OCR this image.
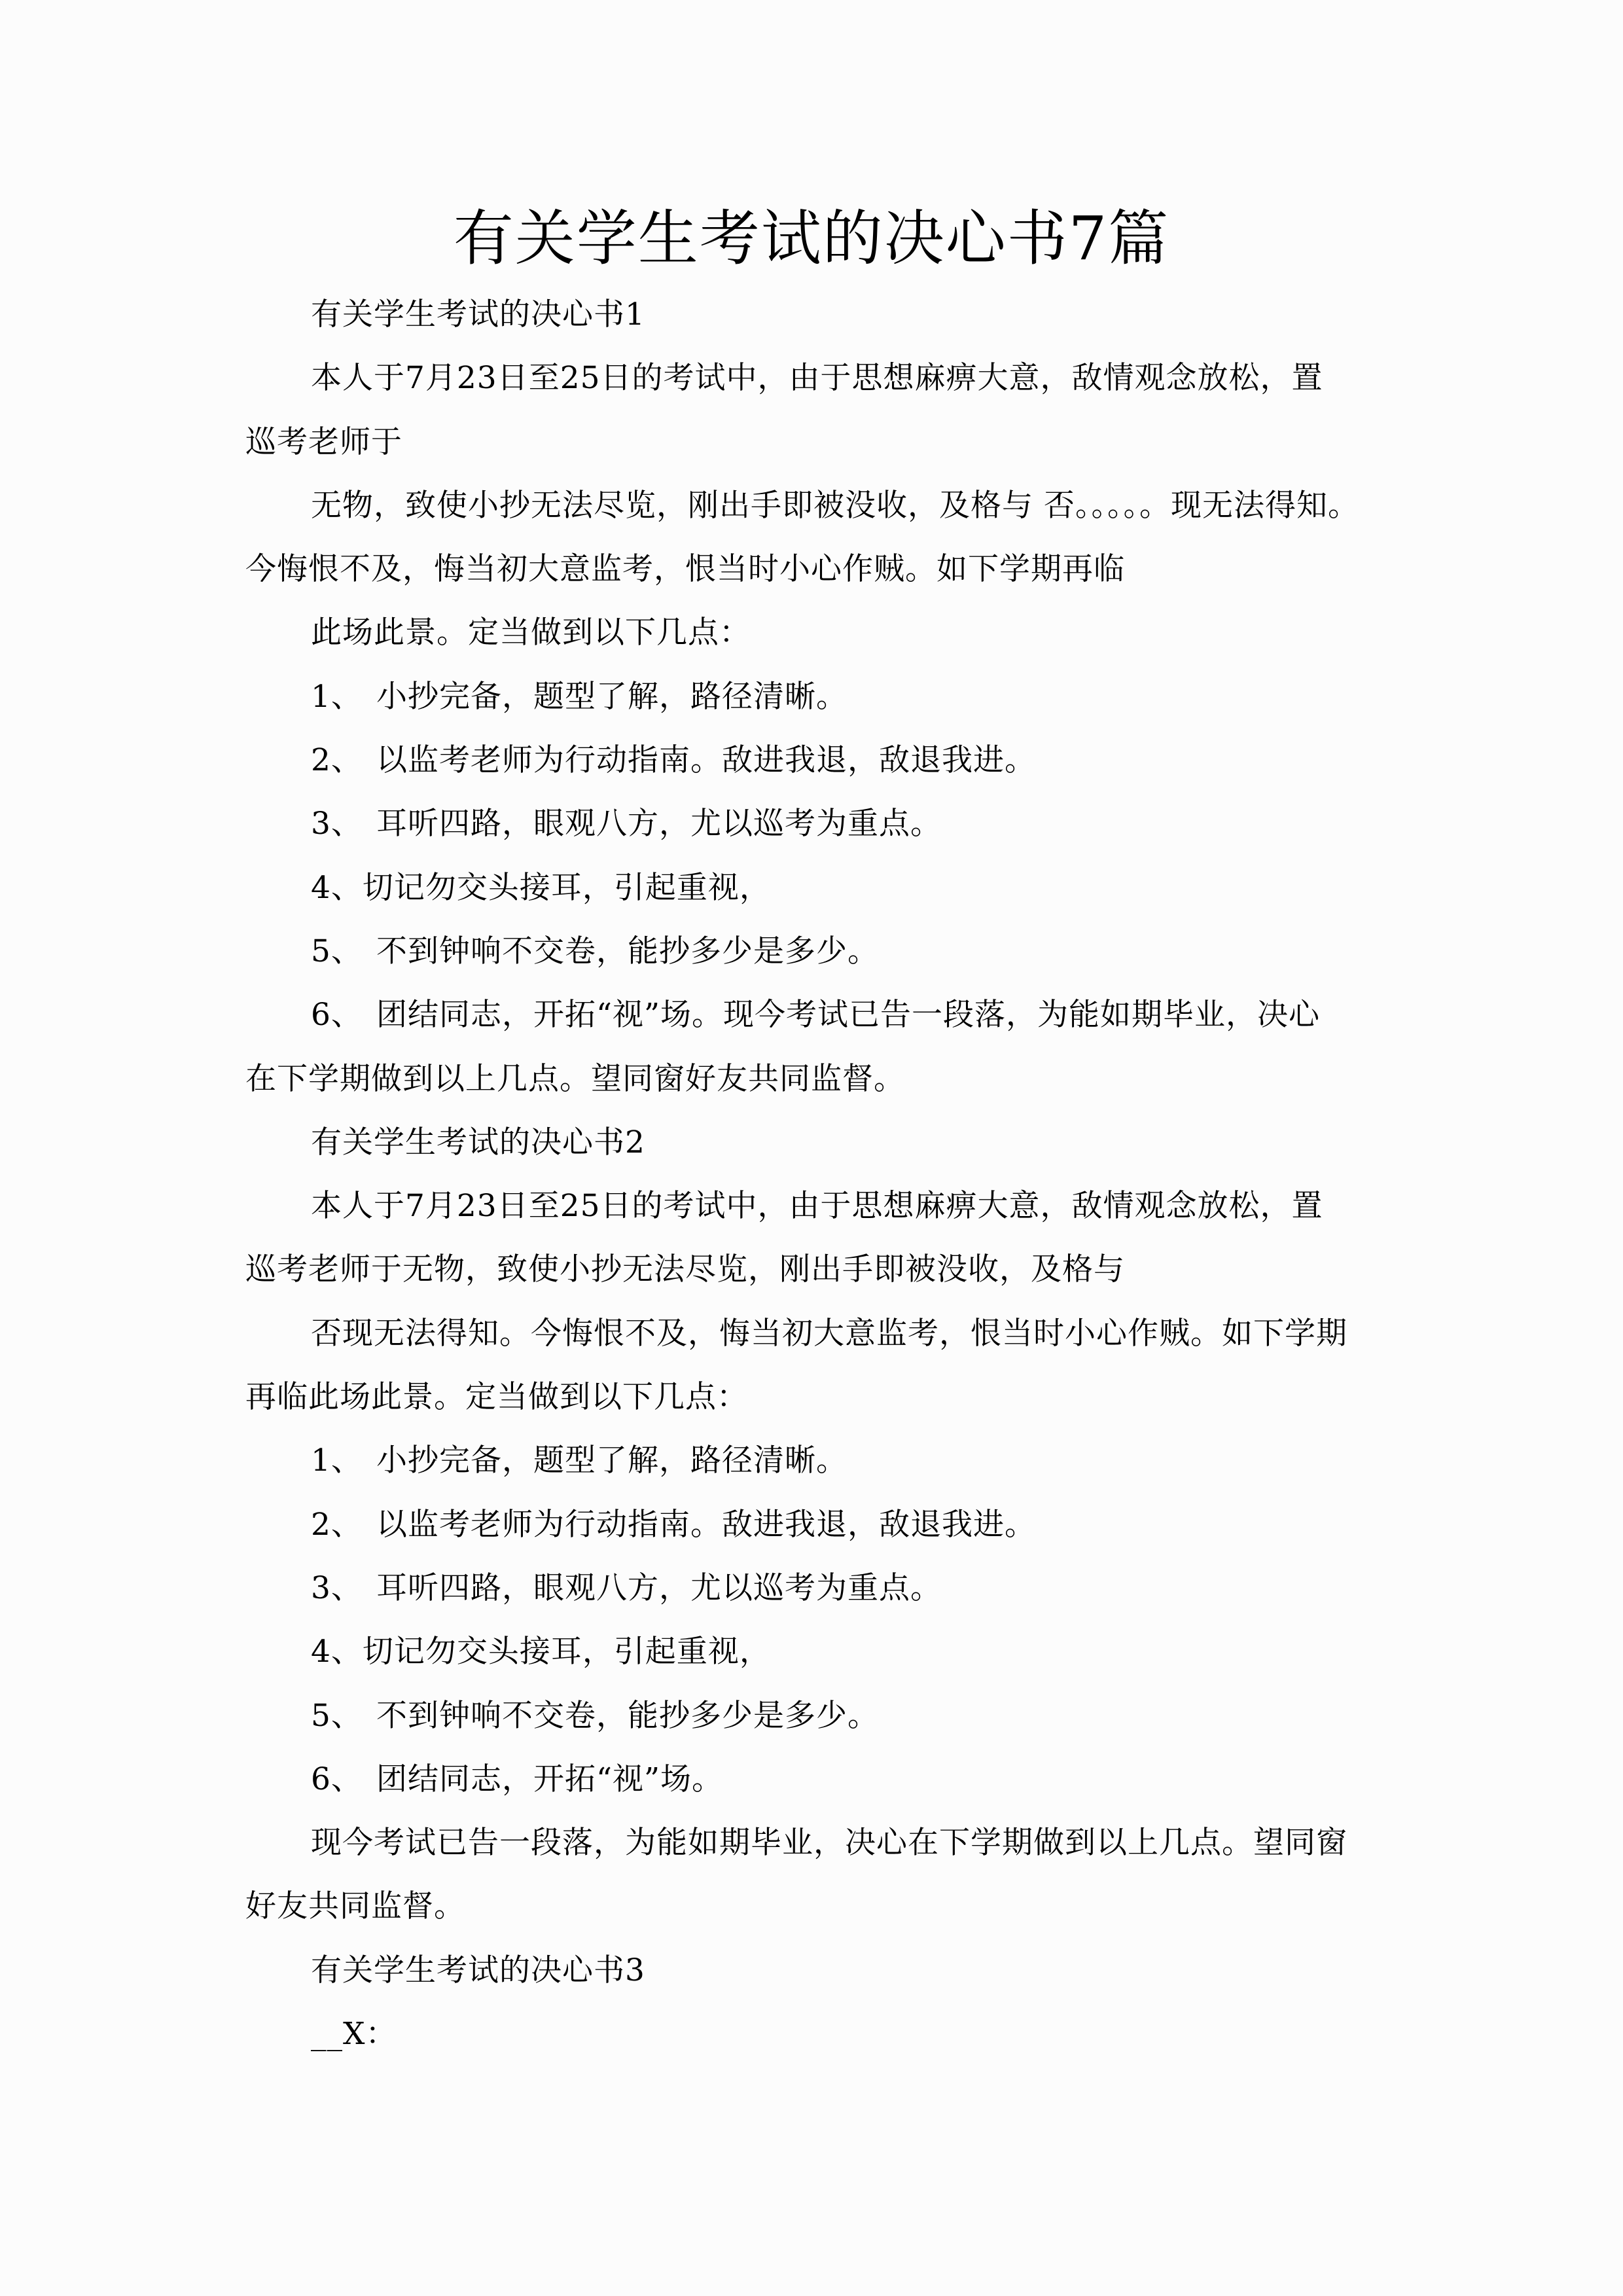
有关学生考试的决心书7篇

有关学生考试的决心书1

本人于7月23日至25日的考试中，由于思想麻痹大意，敌情观念放松，置

巡考老师于

无物，致使小抄无法尽览，刚出手即被没收，及格与 否。。。。。现无法得知。

今悔恨不及，悔当初大意监考，恨当时小心作贼。如下学期再临

此场此景。定当做到以下几点：

1、 小抄完备，题型了解，路径清晰。

2、 以监考老师为行动指南。敌进我退，敌退我进。

3、 耳听四路，眼观八方，尤以巡考为重点。

4、切记勿交头接耳，引起重视，

5、 不到钟响不交卷，能抄多少是多少。

6、 团结同志，开拓“视”场。现今考试已告一段落，为能如期毕业，决心

在下学期做到以上几点。望同窗好友共同监督。

有关学生考试的决心书2

本人于7月23日至25日的考试中，由于思想麻痹大意，敌情观念放松，置

巡考老师于无物，致使小抄无法尽览，刚出手即被没收，及格与

否现无法得知。今悔恨不及，悔当初大意监考，恨当时小心作贼。如下学期

再临此场此景。定当做到以下几点：

1、 小抄完备，题型了解，路径清晰。

2、 以监考老师为行动指南。敌进我退，敌退我进。

3、 耳听四路，眼观八方，尤以巡考为重点。

4、切记勿交头接耳，引起重视，

5、 不到钟响不交卷，能抄多少是多少。

6、 团结同志，开拓“视”场。

现今考试已告一段落，为能如期毕业，决心在下学期做到以上几点。望同窗

好友共同监督。

有关学生考试的决心书3

__X：
